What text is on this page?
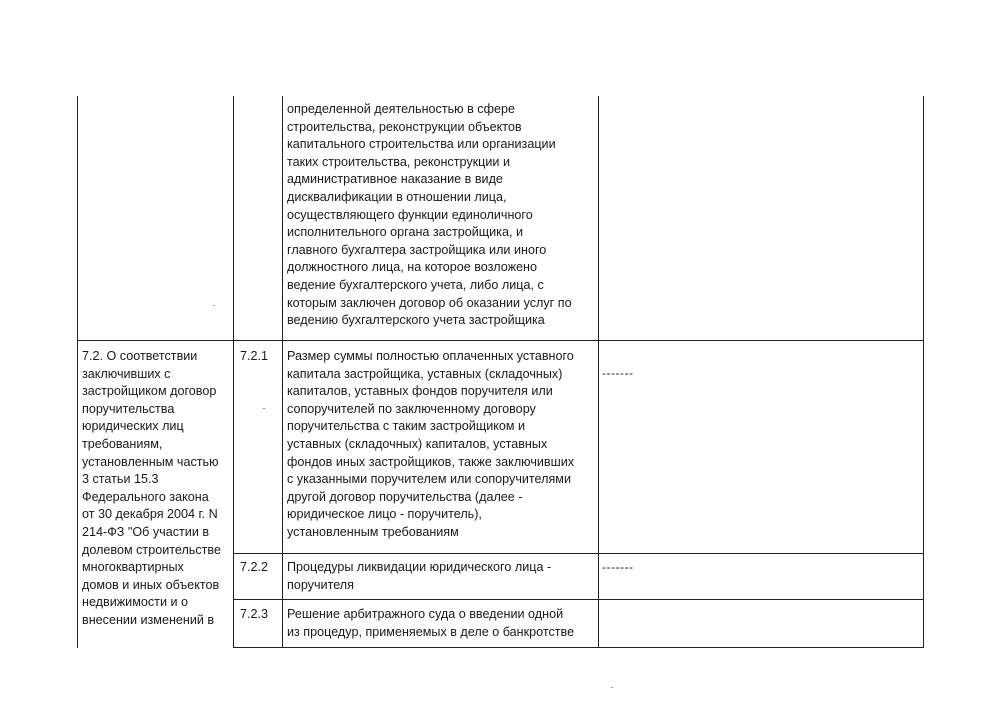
определенной деятельностью в сфере
строительства, реконструкции объектов
капитального строительства или организации
таких строительства, реконструкции и
административное наказание в виде
дисквалификации в отношении лица,
осуществляющего функции единоличного
исполнительного органа застройщика, и
главного бухгалтера застройщика или иного
должностного лица, на которое возложено
ведение бухгалтерского учета, либо лица, с
которым заключен договор об оказании услуг по
ведению бухгалтерского учета застройщика
7.2. О соответствии
заключивших с
застройщиком договор
поручительства
юридических лиц
требованиям,
установленным частью
3 статьи 15.3
Федерального закона
от 30 декабря 2004 г. N
214-ФЗ "Об участии в
долевом строительстве
многоквартирных
домов и иных объектов
недвижимости и о
внесении изменений в
7.2.1 Размер суммы полностью оплаченных уставного
капитала застройщика, уставных (складочных)
капиталов, уставных фондов поручителя или
сопоручителей по заключенному договору
поручительства с таким застройщиком и
уставных (складочных) капиталов, уставных
фондов иных застройщиков, также заключивших
с указанными поручителем или сопоручителями
другой договор поручительства (далее -
юридическое лицо - поручитель),
установленным требованиям
-------
7.2.2 Процедуры ликвидации юридического лица -
поручителя
-------
7.2.3 Решение арбитражного суда о введении одной
из процедур, применяемых в деле о банкротстве
